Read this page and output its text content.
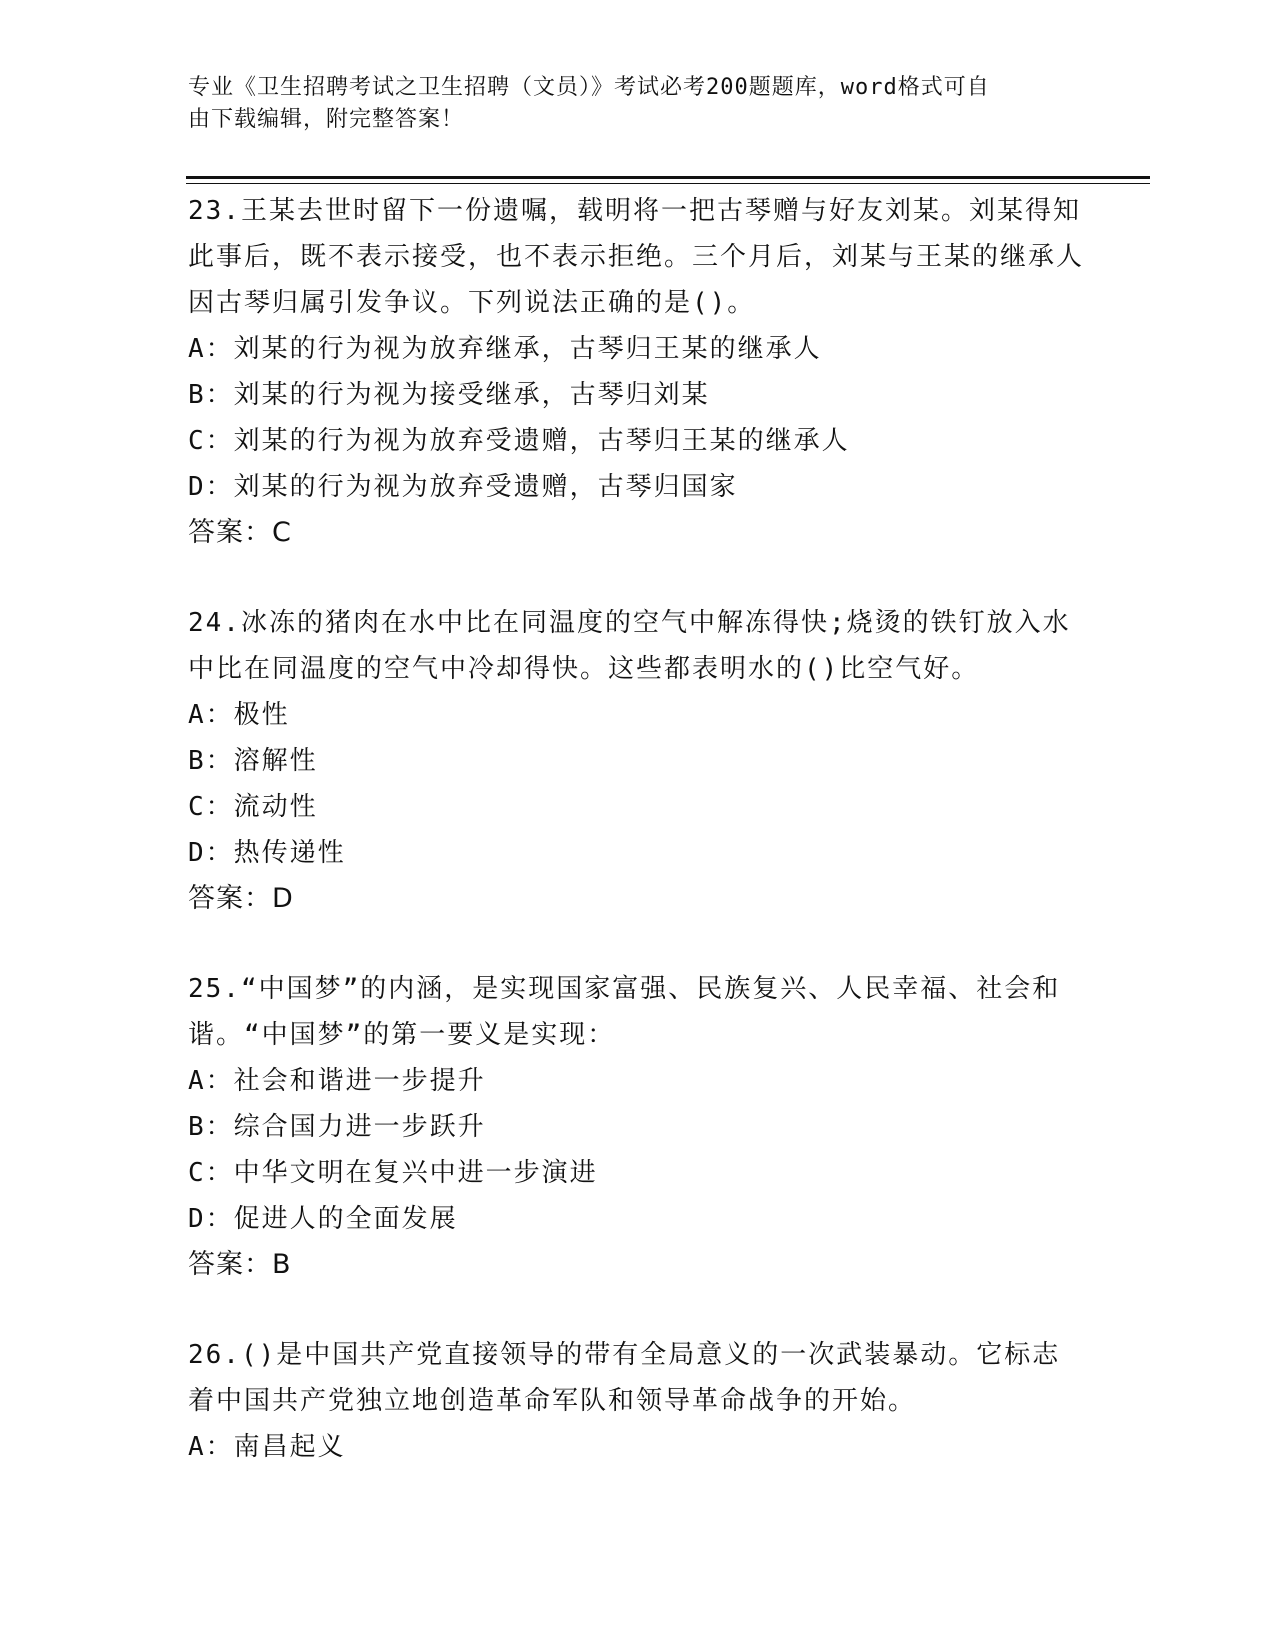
专业《卫生招聘考试之卫生招聘（文员）》考试必考200题题库，word格式可自
由下载编辑，附完整答案！
23.王某去世时留下一份遗嘱，载明将一把古琴赠与好友刘某。刘某得知此事后，既不表示接受，也不表示拒绝。三个月后，刘某与王某的继承人因古琴归属引发争议。下列说法正确的是()。
A：刘某的行为视为放弃继承，古琴归王某的继承人
B：刘某的行为视为接受继承，古琴归刘某
C：刘某的行为视为放弃受遗赠，古琴归王某的继承人
D：刘某的行为视为放弃受遗赠，古琴归国家
答案：C
24.冰冻的猪肉在水中比在同温度的空气中解冻得快;烧烫的铁钉放入水中比在同温度的空气中冷却得快。这些都表明水的()比空气好。
A：极性
B：溶解性
C：流动性
D：热传递性
答案：D
25.“中国梦”的内涵，是实现国家富强、民族复兴、人民幸福、社会和谐。“中国梦”的第一要义是实现：
A：社会和谐进一步提升
B：综合国力进一步跃升
C：中华文明在复兴中进一步演进
D：促进人的全面发展
答案：B
26.()是中国共产党直接领导的带有全局意义的一次武装暴动。它标志着中国共产党独立地创造革命军队和领导革命战争的开始。
A：南昌起义
